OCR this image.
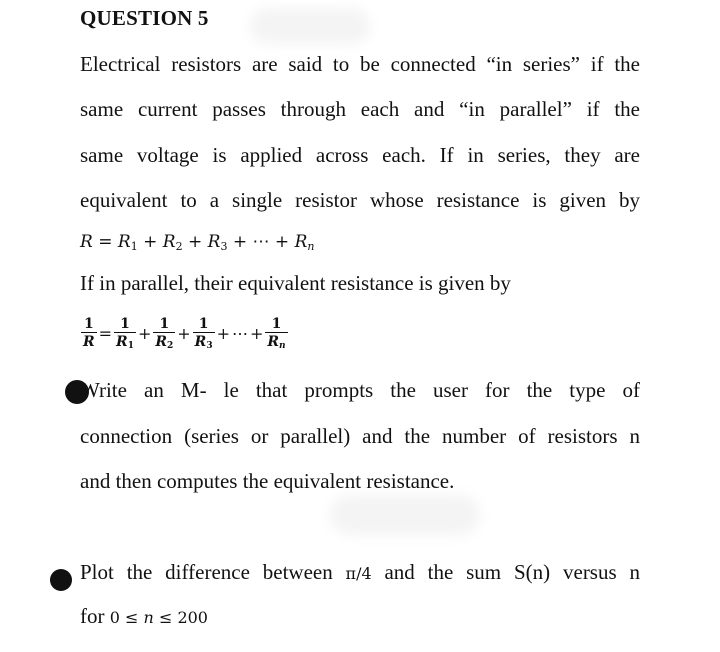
QUESTION 5
Electrical resistors are said to be connected “in series” if the
same current passes through each and “in parallel” if the
same voltage is applied across each. If in series, they are
equivalent to a single resistor whose resistance is given by
$R = R_1 + R_2 + R_3$ + ⋯ + $R_n$
If in parallel, their equivalent resistance is given by
$\frac{1}{R} = \frac{1}{R_1} + \frac{1}{R_2} + \frac{1}{R_3}$ + ⋯ + $\frac{1}{R_n}$
Write an M- le that prompts the user for the type of
connection (series or parallel) and the number of resistors n
and then computes the equivalent resistance.
Plot the difference between π/4 and the sum S(n) versus n
for 0 ≤ n ≤ 200
